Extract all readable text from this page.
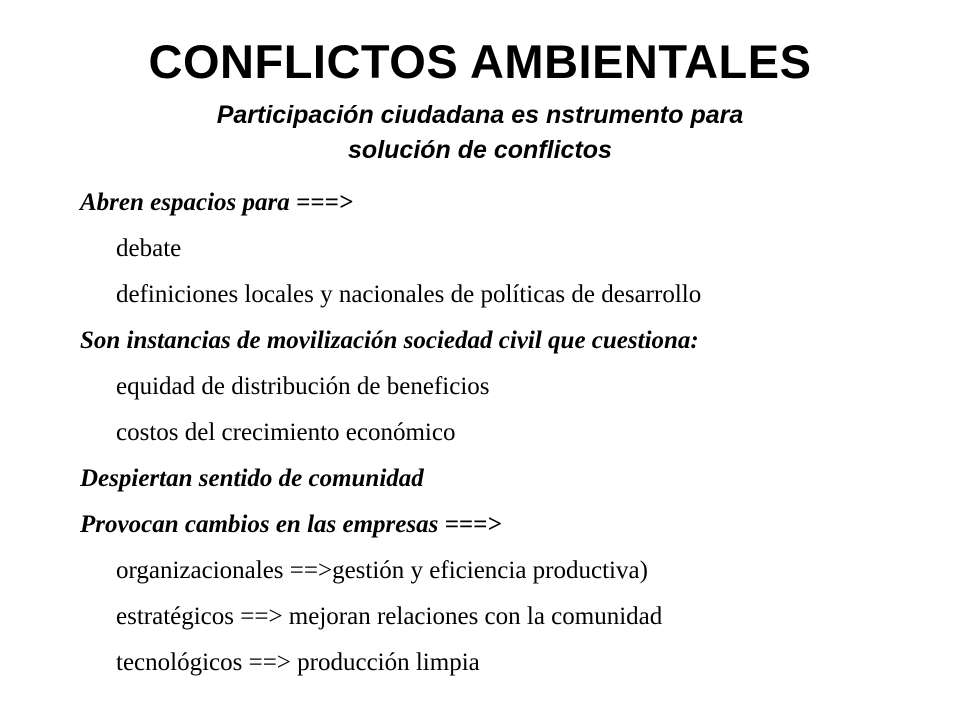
CONFLICTOS AMBIENTALES
Participación ciudadana es nstrumento para
solución de conflictos
Abren espacios para ===>
debate
definiciones locales y nacionales de políticas de desarrollo
Son instancias de movilización sociedad civil que cuestiona:
equidad de distribución de beneficios
costos del crecimiento económico
Despiertan sentido de comunidad
Provocan cambios en las empresas ===>
organizacionales ==>gestión y eficiencia productiva)
estratégicos ==> mejoran relaciones con la comunidad
tecnológicos ==> producción limpia
